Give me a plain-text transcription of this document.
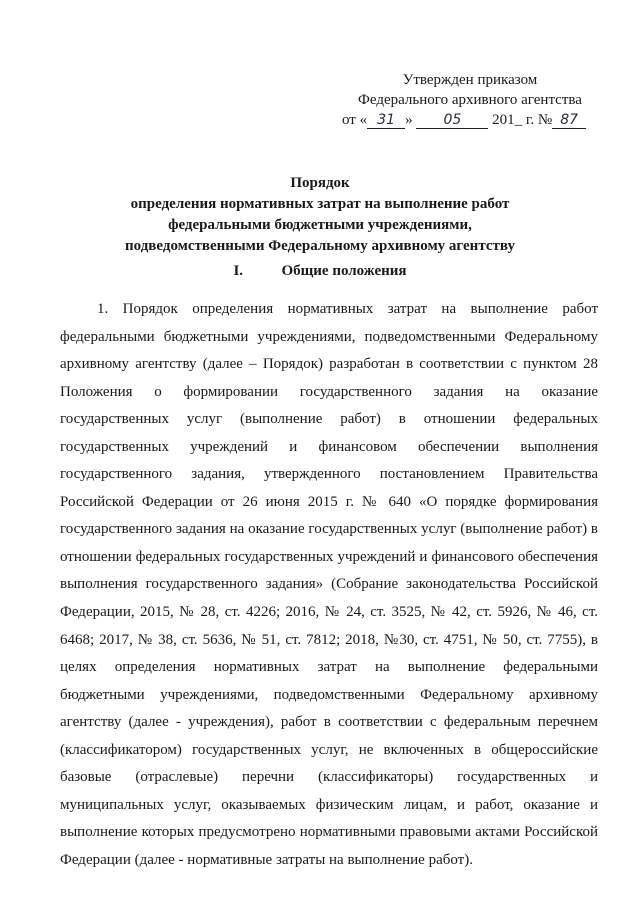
Утвержден приказом
Федерального архивного агентства
от « 31 » 05 201_ г. № 87
Порядок
определения нормативных затрат на выполнение работ
федеральными бюджетными учреждениями,
подведомственными Федеральному архивному агентству
I.	Общие положения

1. Порядок определения нормативных затрат на выполнение работ федеральными бюджетными учреждениями, подведомственными Федеральному архивному агентству (далее – Порядок) разработан в соответствии с пунктом 28 Положения о формировании государственного задания на оказание государственных услуг (выполнение работ) в отношении федеральных государственных учреждений и финансовом обеспечении выполнения государственного задания, утвержденного постановлением Правительства Российской Федерации от 26 июня 2015 г. № 640 «О порядке формирования государственного задания на оказание государственных услуг (выполнение работ) в отношении федеральных государственных учреждений и финансового обеспечения выполнения государственного задания» (Собрание законодательства Российской Федерации, 2015, № 28, ст. 4226; 2016, № 24, ст. 3525, № 42, ст. 5926, № 46, ст. 6468; 2017, № 38, ст. 5636, № 51, ст. 7812; 2018, №30, ст. 4751, № 50, ст. 7755), в целях определения нормативных затрат на выполнение федеральными бюджетными учреждениями, подведомственными Федеральному архивному агентству (далее - учреждения), работ в соответствии с федеральным перечнем (классификатором) государственных услуг, не включенных в общероссийские базовые (отраслевые) перечни (классификаторы) государственных и муниципальных услуг, оказываемых физическим лицам, и работ, оказание и выполнение которых предусмотрено нормативными правовыми актами Российской Федерации (далее - нормативные затраты на выполнение работ).
